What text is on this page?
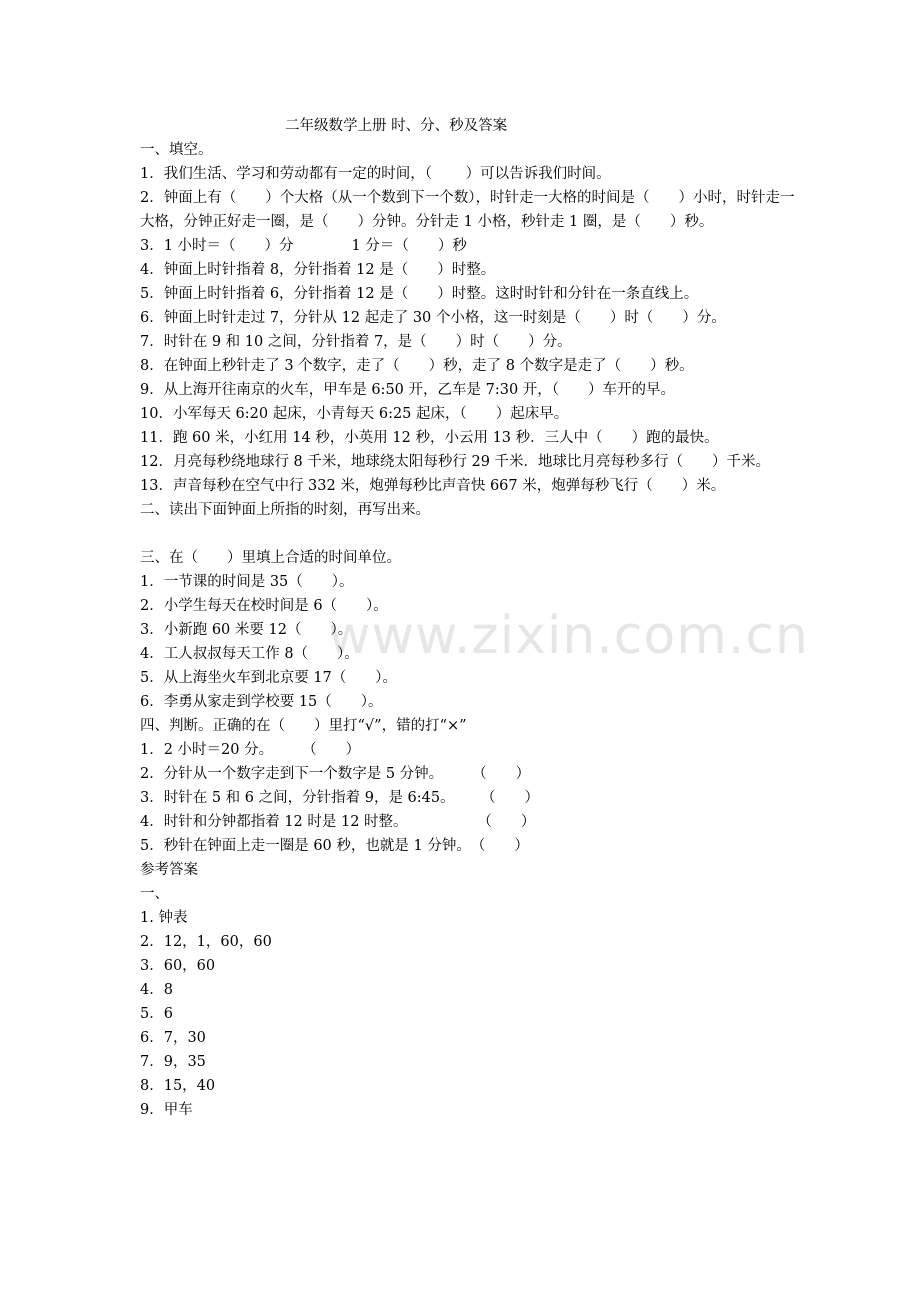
www.zixin.com.cn
二年级数学上册 时、分、秒及答案
一、填空。
1．我们生活、学习和劳动都有一定的时间，（　　 ）可以告诉我们时间。
2．钟面上有（　　）个大格（从一个数到下一个数），时针走一大格的时间是（　　）小时，时针走一大格，分钟正好走一圈，是（　　）分钟。分针走 1 小格，秒针走 1 圈，是（　　）秒。
3．1 小时＝（　　）分　　　　1 分＝（　　）秒
4．钟面上时针指着 8，分针指着 12 是（　　）时整。
5．钟面上时针指着 6，分针指着 12 是（　　）时整。这时时针和分针在一条直线上。
6．钟面上时针走过 7，分针从 12 起走了 30 个小格，这一时刻是（　　）时（　　）分。
7．时针在 9 和 10 之间，分针指着 7，是（　　）时（　　）分。
8．在钟面上秒针走了 3 个数字，走了（　　）秒，走了 8 个数字是走了（　　）秒。
9．从上海开往南京的火车，甲车是 6:50 开，乙车是 7:30 开，（　　）车开的早。
10．小军每天 6:20 起床，小青每天 6:25 起床，（　　）起床早。
11．跑 60 米，小红用 14 秒，小英用 12 秒，小云用 13 秒．三人中（　　）跑的最快。
12．月亮每秒绕地球行 8 千米，地球绕太阳每秒行 29 千米．地球比月亮每秒多行（　　）千米。
13．声音每秒在空气中行 332 米，炮弹每秒比声音快 667 米，炮弹每秒飞行（　　）米。
二、读出下面钟面上所指的时刻，再写出来。
三、在（　　）里填上合适的时间单位。
1．一节课的时间是 35（　　）。
2．小学生每天在校时间是 6（　　）。
3．小新跑 60 米要 12（　　）。
4．工人叔叔每天工作 8（　　）。
5．从上海坐火车到北京要 17（　　）。
6．李勇从家走到学校要 15（　　）。
四、判断。正确的在（　　）里打“√”，错的打“×”
1．2 小时＝20 分。　　　（　　）
2．分针从一个数字走到下一个数字是 5 分钟。　　　（　　）
3．时针在 5 和 6 之间，分针指着 9，是 6:45。　　 （　　）
4．时针和分钟都指着 12 时是 12 时整。　　　　　 （　　）
5．秒针在钟面上走一圈是 60 秒，也就是 1 分钟。　（　　）
参考答案
一、
1. 钟表
2．12，1，60，60
3．60，60
4．8
5．6
6．7，30
7．9，35
8．15，40
9．甲车
